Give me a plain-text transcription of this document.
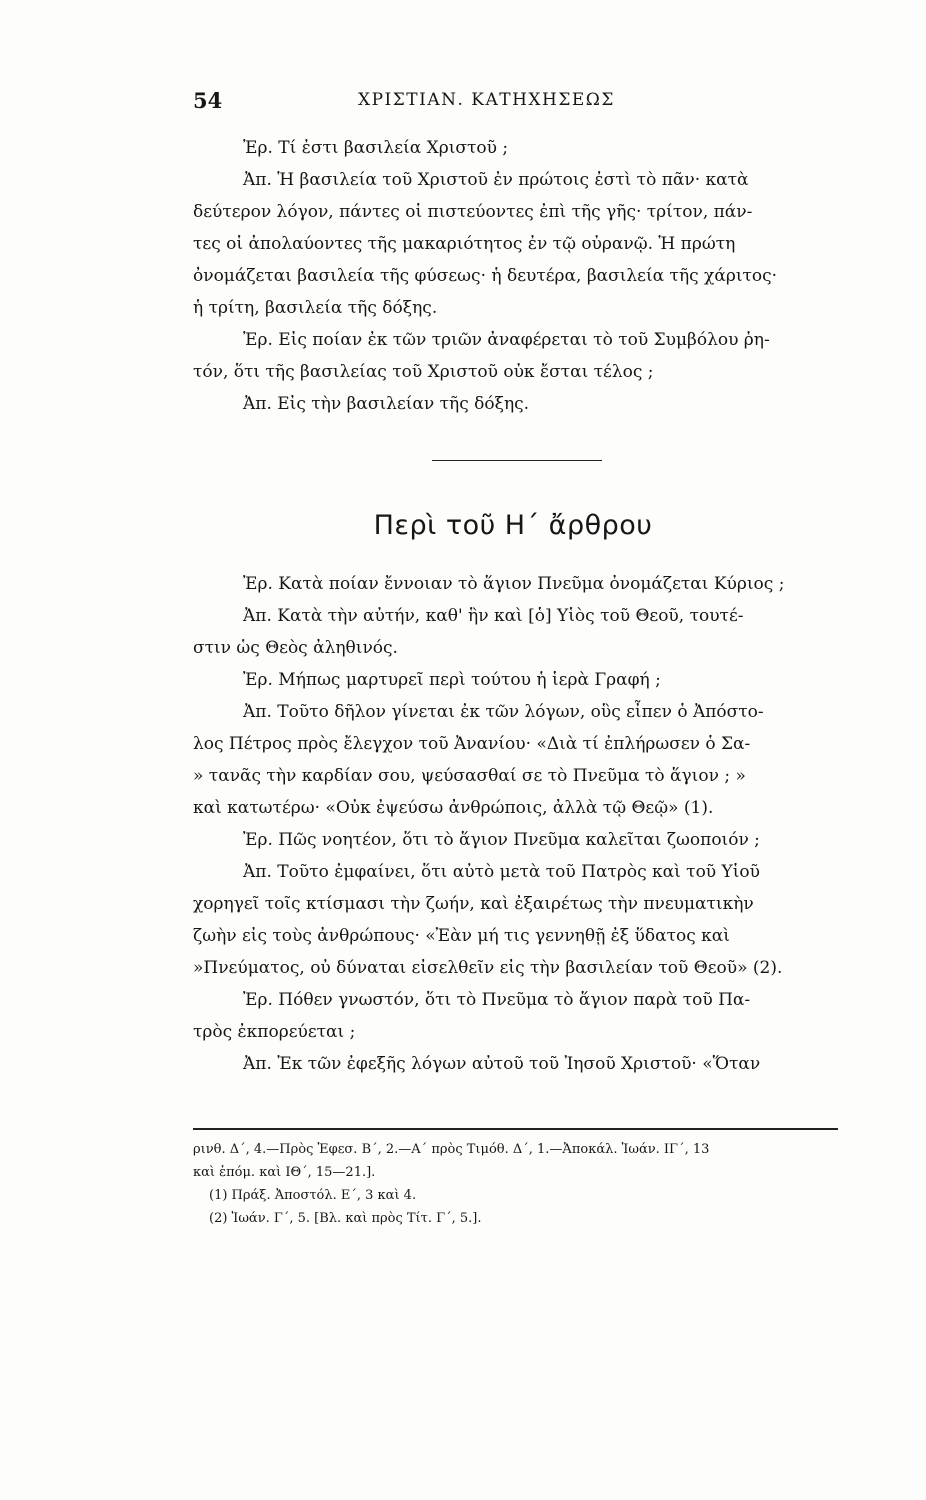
54	ΧΡΙΣΤΙΑΝ. ΚΑΤΗΧΗΣΕΩΣ
Ἐρ. Τί ἐστι βασιλεία Χριστοῦ ;
Ἀπ. Ἡ βασιλεία τοῦ Χριστοῦ ἐν πρώτοις ἐστὶ τὸ πᾶν· κατὰ
δεύτερον λόγον, πάντες οἱ πιστεύοντες ἐπὶ τῆς γῆς· τρίτον, πάν-
τες οἱ ἀπολαύοντες τῆς μακαριότητος ἐν τῷ οὐρανῷ. Ἡ πρώτη
ὀνομάζεται βασιλεία τῆς φύσεως· ἡ δευτέρα, βασιλεία τῆς χάριτος·
ἡ τρίτη, βασιλεία τῆς δόξης.
Ἐρ. Εἰς ποίαν ἐκ τῶν τριῶν ἀναφέρεται τὸ τοῦ Συμβόλου ῥη-
τόν, ὅτι τῆς βασιλείας τοῦ Χριστοῦ οὐκ ἔσται τέλος ;
Ἀπ. Εἰς τὴν βασιλείαν τῆς δόξης.
Περὶ τοῦ Η΄ ἄρθρου
Ἐρ. Κατὰ ποίαν ἔννοιαν τὸ ἅγιον Πνεῦμα ὀνομάζεται Κύριος ;
Ἀπ. Κατὰ τὴν αὐτήν, καθ' ἣν καὶ [ὁ] Υἱὸς τοῦ Θεοῦ, τουτέ-
στιν ὡς Θεὸς ἀληθινός.
Ἐρ. Μήπως μαρτυρεῖ περὶ τούτου ἡ ἱερὰ Γραφή ;
Ἀπ. Τοῦτο δῆλον γίνεται ἐκ τῶν λόγων, οὓς εἶπεν ὁ Ἀπόστο-
λος Πέτρος πρὸς ἔλεγχον τοῦ Ἀνανίου· «Διὰ τί ἐπλήρωσεν ὁ Σα-
» τανᾶς τὴν καρδίαν σου, ψεύσασθαί σε τὸ Πνεῦμα τὸ ἅγιον ; »
καὶ κατωτέρω· «Οὐκ ἐψεύσω ἀνθρώποις, ἀλλὰ τῷ Θεῷ» (1).
Ἐρ. Πῶς νοητέον, ὅτι τὸ ἅγιον Πνεῦμα καλεῖται ζωοποιόν ;
Ἀπ. Τοῦτο ἐμφαίνει, ὅτι αὐτὸ μετὰ τοῦ Πατρὸς καὶ τοῦ Υἱοῦ
χορηγεῖ τοῖς κτίσμασι τὴν ζωήν, καὶ ἐξαιρέτως τὴν πνευματικὴν
ζωὴν εἰς τοὺς ἀνθρώπους· «Ἐὰν μή τις γεννηθῇ ἐξ ὕδατος καὶ
»Πνεύματος, οὐ δύναται εἰσελθεῖν εἰς τὴν βασιλείαν τοῦ Θεοῦ» (2).
Ἐρ. Πόθεν γνωστόν, ὅτι τὸ Πνεῦμα τὸ ἅγιον παρὰ τοῦ Πα-
τρὸς ἐκπορεύεται ;
Ἀπ. Ἐκ τῶν ἐφεξῆς λόγων αὐτοῦ τοῦ Ἰησοῦ Χριστοῦ· «Ὅταν
ρινθ. Δ΄, 4.—Πρὸς Ἐφεσ. Β΄, 2.—Α΄ πρὸς Τιμόθ. Δ΄, 1.—Ἀποκάλ. Ἰωάν. ΙΓ΄, 13
καὶ ἑπόμ. καὶ ΙΘ΄, 15—21.].
(1) Πράξ. Ἀποστόλ. Ε΄, 3 καὶ 4.
(2) Ἰωάν. Γ΄, 5. [Βλ. καὶ πρὸς Τίτ. Γ΄, 5.].
